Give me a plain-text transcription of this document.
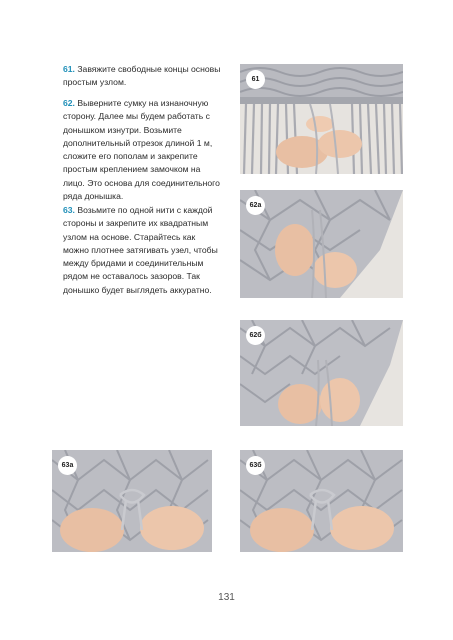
61. Завяжите свободные концы основы простым узлом.
62. Выверните сумку на изнаночную сторону. Далее мы будем работать с донышком изнутри. Возьмите дополнительный отрезок длиной 1 м, сложите его пополам и закрепите простым креплением замочком на лицо. Это основа для соединительного ряда донышка.
63. Возьмите по одной нити с каждой стороны и закрепите их квадратным узлом на основе. Старайтесь как можно плотнее затягивать узел, чтобы между бридами и соединительным рядом не оставалось зазоров. Так донышко будет выглядеть аккуратно.
61
62а
62б
63а	63б
131
